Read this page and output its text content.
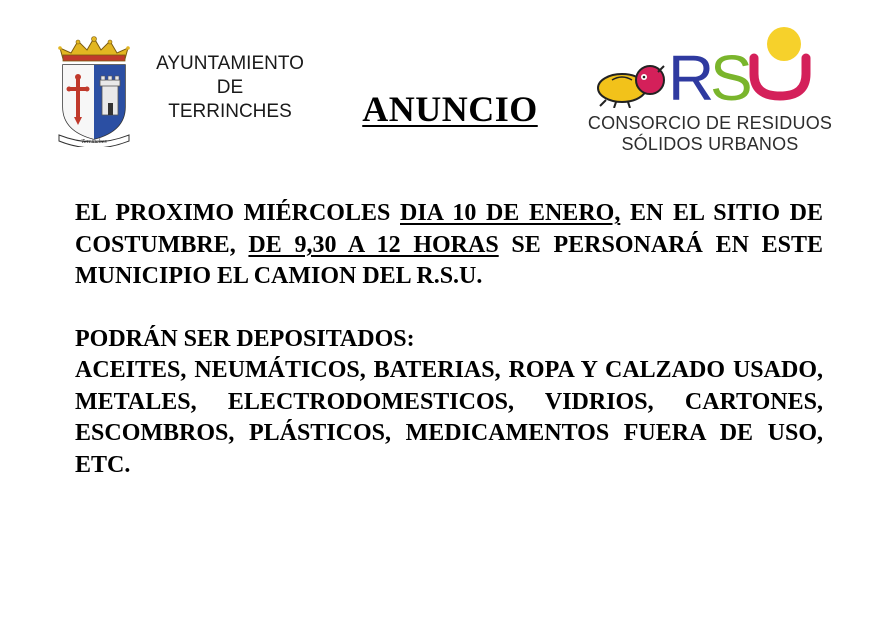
Terrinches
AYUNTAMIENTO
DE
TERRINCHES	ANUNCIO	R
S
CONSORCIO DE RESIDUOS
SÓLIDOS URBANOS

EL PROXIMO MIÉRCOLES DIA 10 DE ENERO, EN EL SITIO DE COSTUMBRE, DE 9,30 A 12 HORAS SE PERSONARÁ EN ESTE MUNICIPIO EL CAMION DEL R.S.U.

PODRÁN SER DEPOSITADOS:

ACEITES, NEUMÁTICOS, BATERIAS, ROPA Y CALZADO USADO, METALES, ELECTRODOMESTICOS, VIDRIOS, CARTONES, ESCOMBROS, PLÁSTICOS, MEDICAMENTOS FUERA DE USO, ETC.
